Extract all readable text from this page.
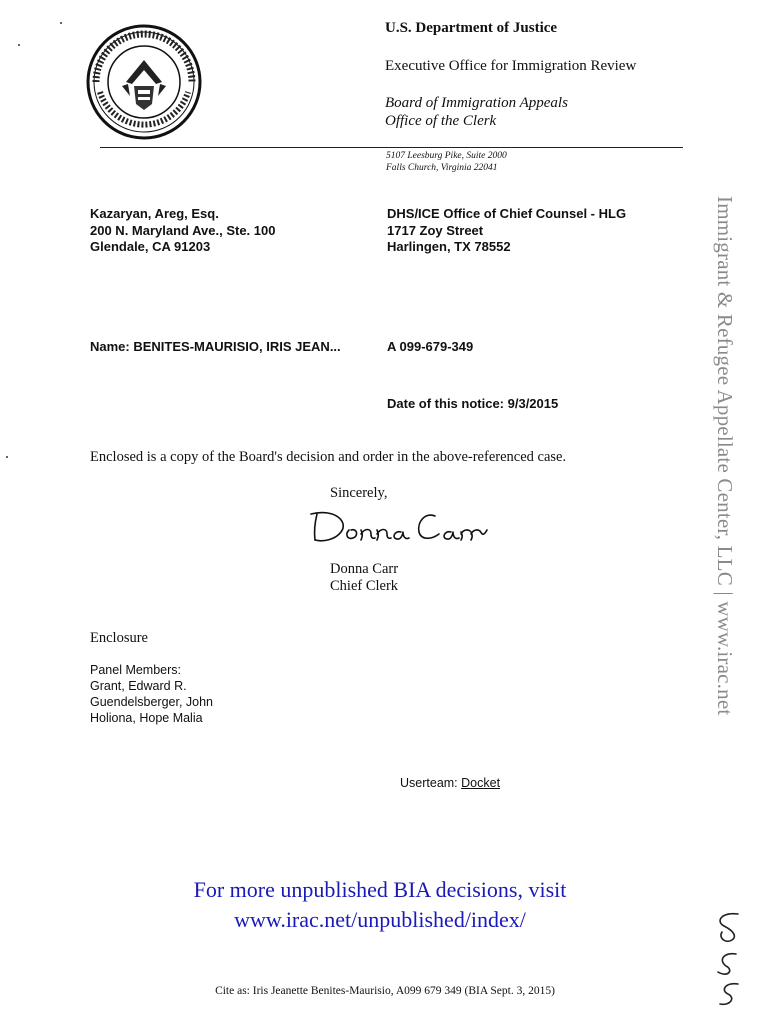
U.S. Department of Justice
Executive Office for Immigration Review
Board of Immigration Appeals
Office of the Clerk
5107 Leesburg Pike, Suite 2000
Falls Church, Virginia 22041
Kazaryan, Areg, Esq.
200 N. Maryland Ave., Ste. 100
Glendale, CA 91203
DHS/ICE Office of Chief Counsel - HLG
1717 Zoy Street
Harlingen, TX 78552
Name: BENITES-MAURISIO, IRIS JEAN...	A 099-679-349
Date of this notice: 9/3/2015
Enclosed is a copy of the Board's decision and order in the above-referenced case.
Sincerely,
Donna Carr
Chief Clerk
Enclosure
Panel Members:
Grant, Edward R.
Guendelsberger, John
Holiona, Hope Malia
Userteam: Docket
For more unpublished BIA decisions, visit
www.irac.net/unpublished/index/
Cite as: Iris Jeanette Benites-Maurisio, A099 679 349 (BIA Sept. 3, 2015)
Immigrant & Refugee Appellate Center, LLC | www.irac.net
